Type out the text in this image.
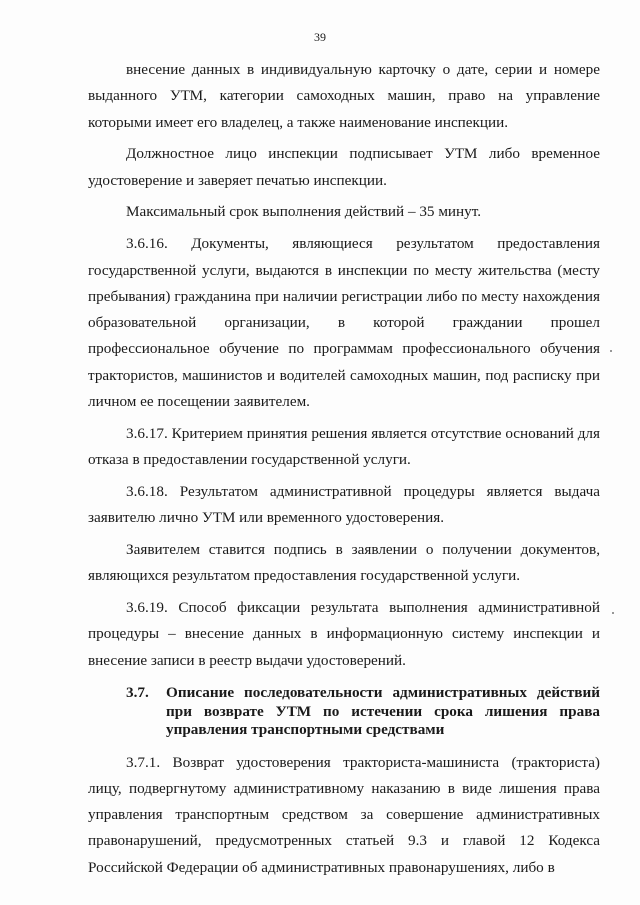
39

внесение данных в индивидуальную карточку о дате, серии и номере выданного УТМ, категории самоходных машин, право на управление которыми имеет его владелец, а также наименование инспекции.

Должностное лицо инспекции подписывает УТМ либо временное удостоверение и заверяет печатью инспекции.

Максимальный срок выполнения действий – 35 минут.

3.6.16. Документы, являющиеся результатом предоставления государственной услуги, выдаются в инспекции по месту жительства (месту пребывания) гражданина при наличии регистрации либо по месту нахождения образовательной организации, в которой граждании прошел профессиональное обучение по программам профессионального обучения трактористов, машинистов и водителей самоходных машин, под расписку при личном ее посещении заявителем.

3.6.17. Критерием принятия решения является отсутствие оснований для отказа в предоставлении государственной услуги.

3.6.18. Результатом административной процедуры является выдача заявителю лично УТМ или временного удостоверения.

Заявителем ставится подпись в заявлении о получении документов, являющихся результатом предоставления государственной услуги.

3.6.19. Способ фиксации результата выполнения административной процедуры – внесение данных в информационную систему инспекции и внесение записи в реестр выдачи удостоверений.

3.7.	Описание последовательности административных действий при возврате УТМ по истечении срока лишения права управления транспортными средствами

3.7.1. Возврат удостоверения тракториста-машиниста (тракториста) лицу, подвергнутому административному наказанию в виде лишения права управления транспортным средством за совершение административных правонарушений, предусмотренных статьей 9.3 и главой 12 Кодекса Российской Федерации об административных правонарушениях, либо в
